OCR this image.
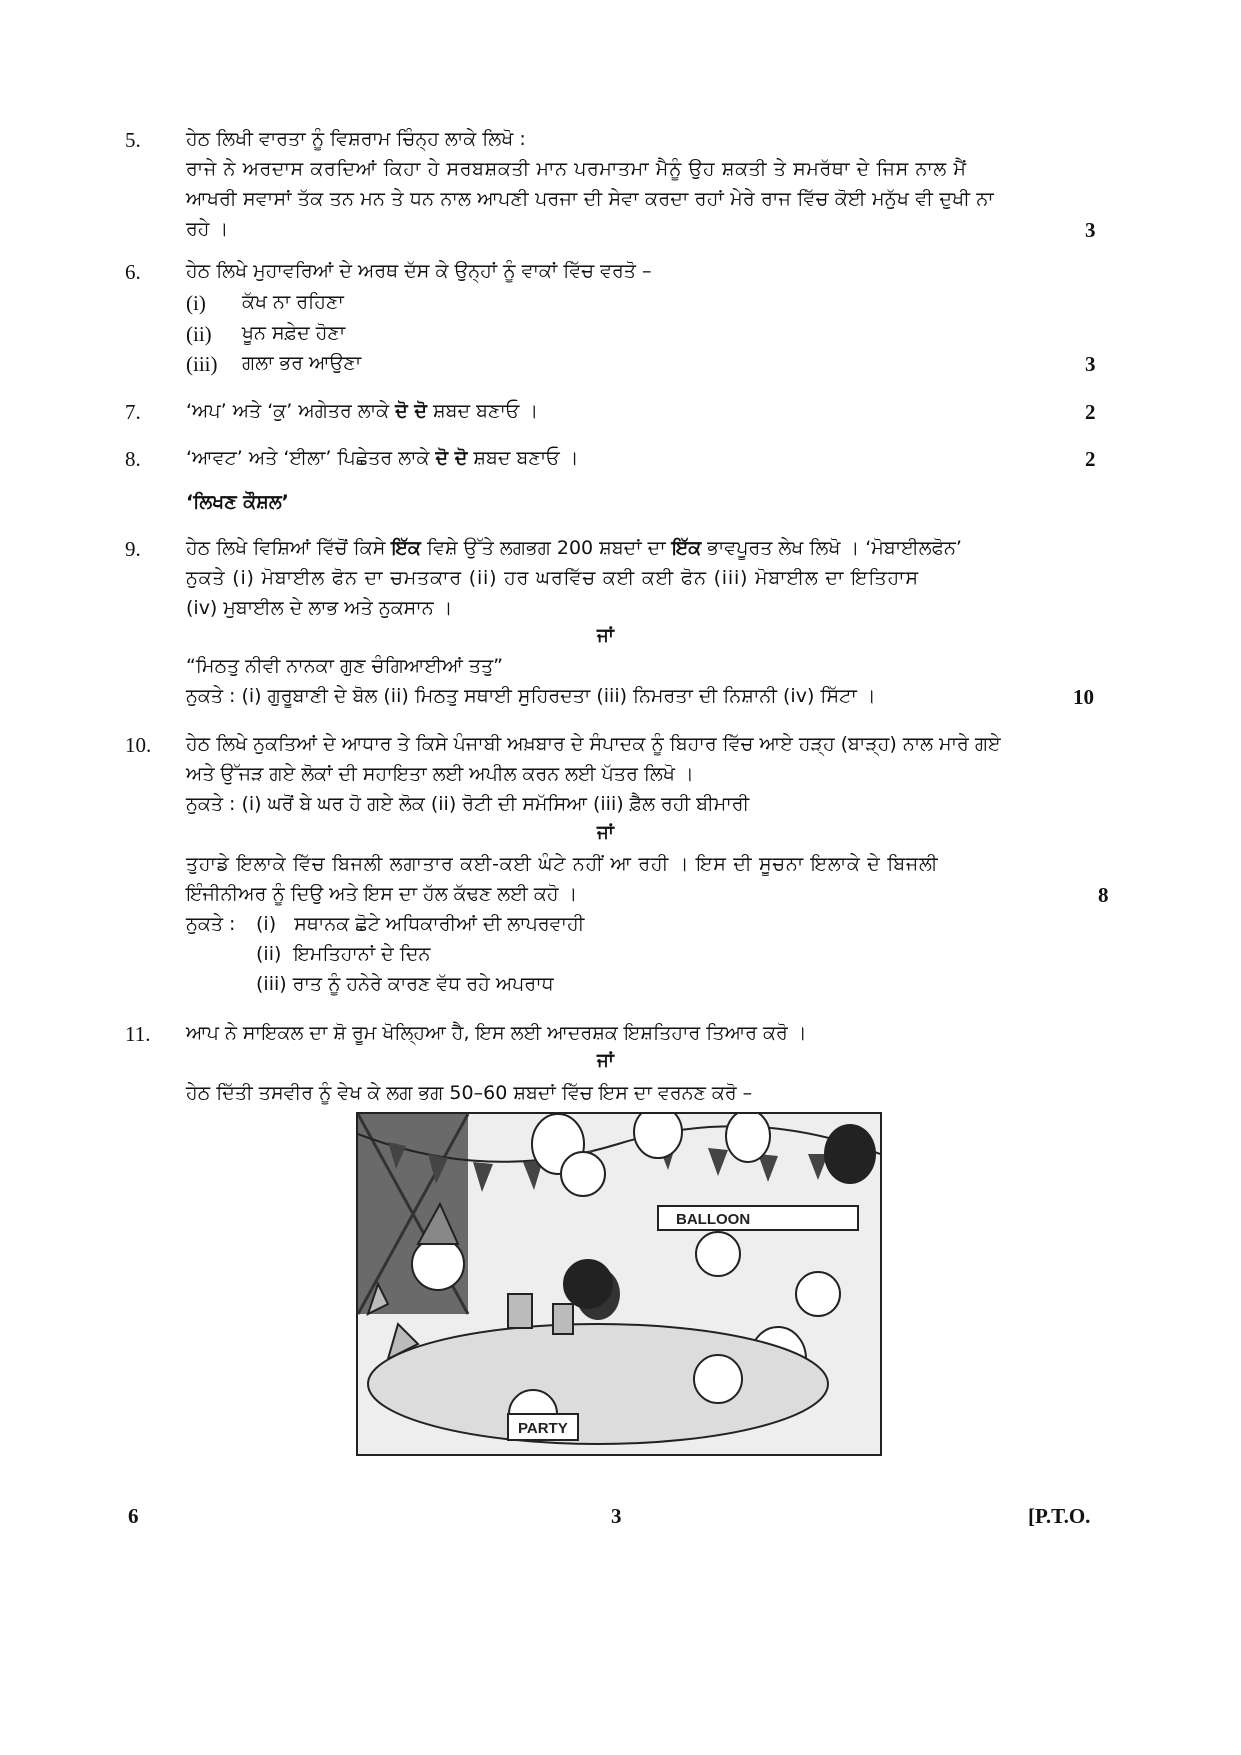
5. ਹੇਠ ਲਿਖੀ ਵਾਰਤਾ ਨੂੰ ਵਿਸ਼ਰਾਮ ਚਿੰਨ੍ਹ ਲਾਕੇ ਲਿਖੋ :
ਰਾਜੇ ਨੇ ਅਰਦਾਸ ਕਰਦਿਆਂ ਕਿਹਾ ਹੇ ਸਰਬਸ਼ਕਤੀ ਮਾਨ ਪਰਮਾਤਮਾ ਮੈਨੂੰ ਉਹ ਸ਼ਕਤੀ ਤੇ ਸਮਰੱਥਾ ਦੇ ਜਿਸ ਨਾਲ ਮੈਂ
ਆਖਰੀ ਸਵਾਸਾਂ ਤੱਕ ਤਨ ਮਨ ਤੇ ਧਨ ਨਾਲ ਆਪਣੀ ਪਰਜਾ ਦੀ ਸੇਵਾ ਕਰਦਾ ਰਹਾਂ ਮੇਰੇ ਰਾਜ ਵਿੱਚ ਕੋਈ ਮਨੁੱਖ ਵੀ ਦੁਖੀ ਨਾ
ਰਹੇ ।	3
6. ਹੇਠ ਲਿਖੇ ਮੁਹਾਵਰਿਆਂ ਦੇ ਅਰਥ ਦੱਸ ਕੇ ਉਨ੍ਹਾਂ ਨੂੰ ਵਾਕਾਂ ਵਿੱਚ ਵਰਤੋ –
(i) ਕੱਖ ਨਾ ਰਹਿਣਾ
(ii) ਖੂਨ ਸਫ਼ੇਦ ਹੋਣਾ
(iii) ਗਲਾ ਭਰ ਆਉਣਾ	3
7. ‘ਅਪ’ ਅਤੇ ‘ਕੁ’ ਅਗੇਤਰ ਲਾਕੇ ਦੋ ਦੋ ਸ਼ਬਦ ਬਣਾਓ ।	2
8. ‘ਆਵਟ’ ਅਤੇ ‘ਈਲਾ’ ਪਿਛੇਤਰ ਲਾਕੇ ਦੋ ਦੋ ਸ਼ਬਦ ਬਣਾਓ ।	2
‘ਲਿਖਣ ਕੌਸ਼ਲ’
9. ਹੇਠ ਲਿਖੇ ਵਿਸ਼ਿਆਂ ਵਿੱਚੋਂ ਕਿਸੇ ਇੱਕ ਵਿਸ਼ੇ ਉੱਤੇ ਲਗਭਗ 200 ਸ਼ਬਦਾਂ ਦਾ ਇੱਕ ਭਾਵਪੂਰਤ ਲੇਖ ਲਿਖੋ । ‘ਮੋਬਾਈਲਫੋਨ’
ਨੁਕਤੇ (i) ਮੋਬਾਈਲ ਫੋਨ ਦਾ ਚਮਤਕਾਰ (ii) ਹਰ ਘਰਵਿੱਚ ਕਈ ਕਈ ਫੋਨ (iii) ਮੋਬਾਈਲ ਦਾ ਇਤਿਹਾਸ
(iv) ਮੁਬਾਈਲ ਦੇ ਲਾਭ ਅਤੇ ਨੁਕਸਾਨ ।
ਜਾਂ
“ਮਿਠਤੁ ਨੀਵੀ ਨਾਨਕਾ ਗੁਣ ਚੰਗਿਆਈਆਂ ਤਤੁ”
ਨੁਕਤੇ : (i) ਗੁਰੂਬਾਣੀ ਦੇ ਬੋਲ (ii) ਮਿਠਤੁ ਸਥਾਈ ਸੁਹਿਰਦਤਾ (iii) ਨਿਮਰਤਾ ਦੀ ਨਿਸ਼ਾਨੀ (iv) ਸਿੱਟਾ ।	10
10. ਹੇਠ ਲਿਖੇ ਨੁਕਤਿਆਂ ਦੇ ਆਧਾਰ ਤੇ ਕਿਸੇ ਪੰਜਾਬੀ ਅਖ਼ਬਾਰ ਦੇ ਸੰਪਾਦਕ ਨੂੰ ਬਿਹਾਰ ਵਿੱਚ ਆਏ ਹੜ੍ਹ (ਬਾੜ੍ਹ) ਨਾਲ ਮਾਰੇ ਗਏ
ਅਤੇ ਉੱਜੜ ਗਏ ਲੋਕਾਂ ਦੀ ਸਹਾਇਤਾ ਲਈ ਅਪੀਲ ਕਰਨ ਲਈ ਪੱਤਰ ਲਿਖੋ ।
ਨੁਕਤੇ : (i) ਘਰੋਂ ਬੇ ਘਰ ਹੋ ਗਏ ਲੋਕ (ii) ਰੋਟੀ ਦੀ ਸਮੱਸਿਆ (iii) ਫ਼ੈਲ ਰਹੀ ਬੀਮਾਰੀ
ਜਾਂ
ਤੁਹਾਡੇ ਇਲਾਕੇ ਵਿੱਚ ਬਿਜਲੀ ਲਗਾਤਾਰ ਕਈ-ਕਈ ਘੰਟੇ ਨਹੀਂ ਆ ਰਹੀ । ਇਸ ਦੀ ਸੂਚਨਾ ਇਲਾਕੇ ਦੇ ਬਿਜਲੀ
ਇੰਜੀਨੀਅਰ ਨੂੰ ਦਿਉ ਅਤੇ ਇਸ ਦਾ ਹੱਲ ਕੱਢਣ ਲਈ ਕਹੋ ।	8
ਨੁਕਤੇ : (i)   ਸਥਾਨਕ ਛੋਟੇ ਅਧਿਕਾਰੀਆਂ ਦੀ ਲਾਪਰਵਾਹੀ
(ii)  ਇਮਤਿਹਾਨਾਂ ਦੇ ਦਿਨ
(iii) ਰਾਤ ਨੂੰ ਹਨੇਰੇ ਕਾਰਣ ਵੱਧ ਰਹੇ ਅਪਰਾਧ
11. ਆਪ ਨੇ ਸਾਇਕਲ ਦਾ ਸ਼ੋ ਰੂਮ ਖੋਲ੍ਹਿਆ ਹੈ, ਇਸ ਲਈ ਆਦਰਸ਼ਕ ਇਸ਼ਤਿਹਾਰ ਤਿਆਰ ਕਰੋ ।
ਜਾਂ
ਹੇਠ ਦਿੱਤੀ ਤਸਵੀਰ ਨੂੰ ਵੇਖ ਕੇ ਲਗ ਭਗ 50–60 ਸ਼ਬਦਾਂ ਵਿੱਚ ਇਸ ਦਾ ਵਰਨਣ ਕਰੋ –
BALLOON
PARTY
6	3	[P.T.O.
